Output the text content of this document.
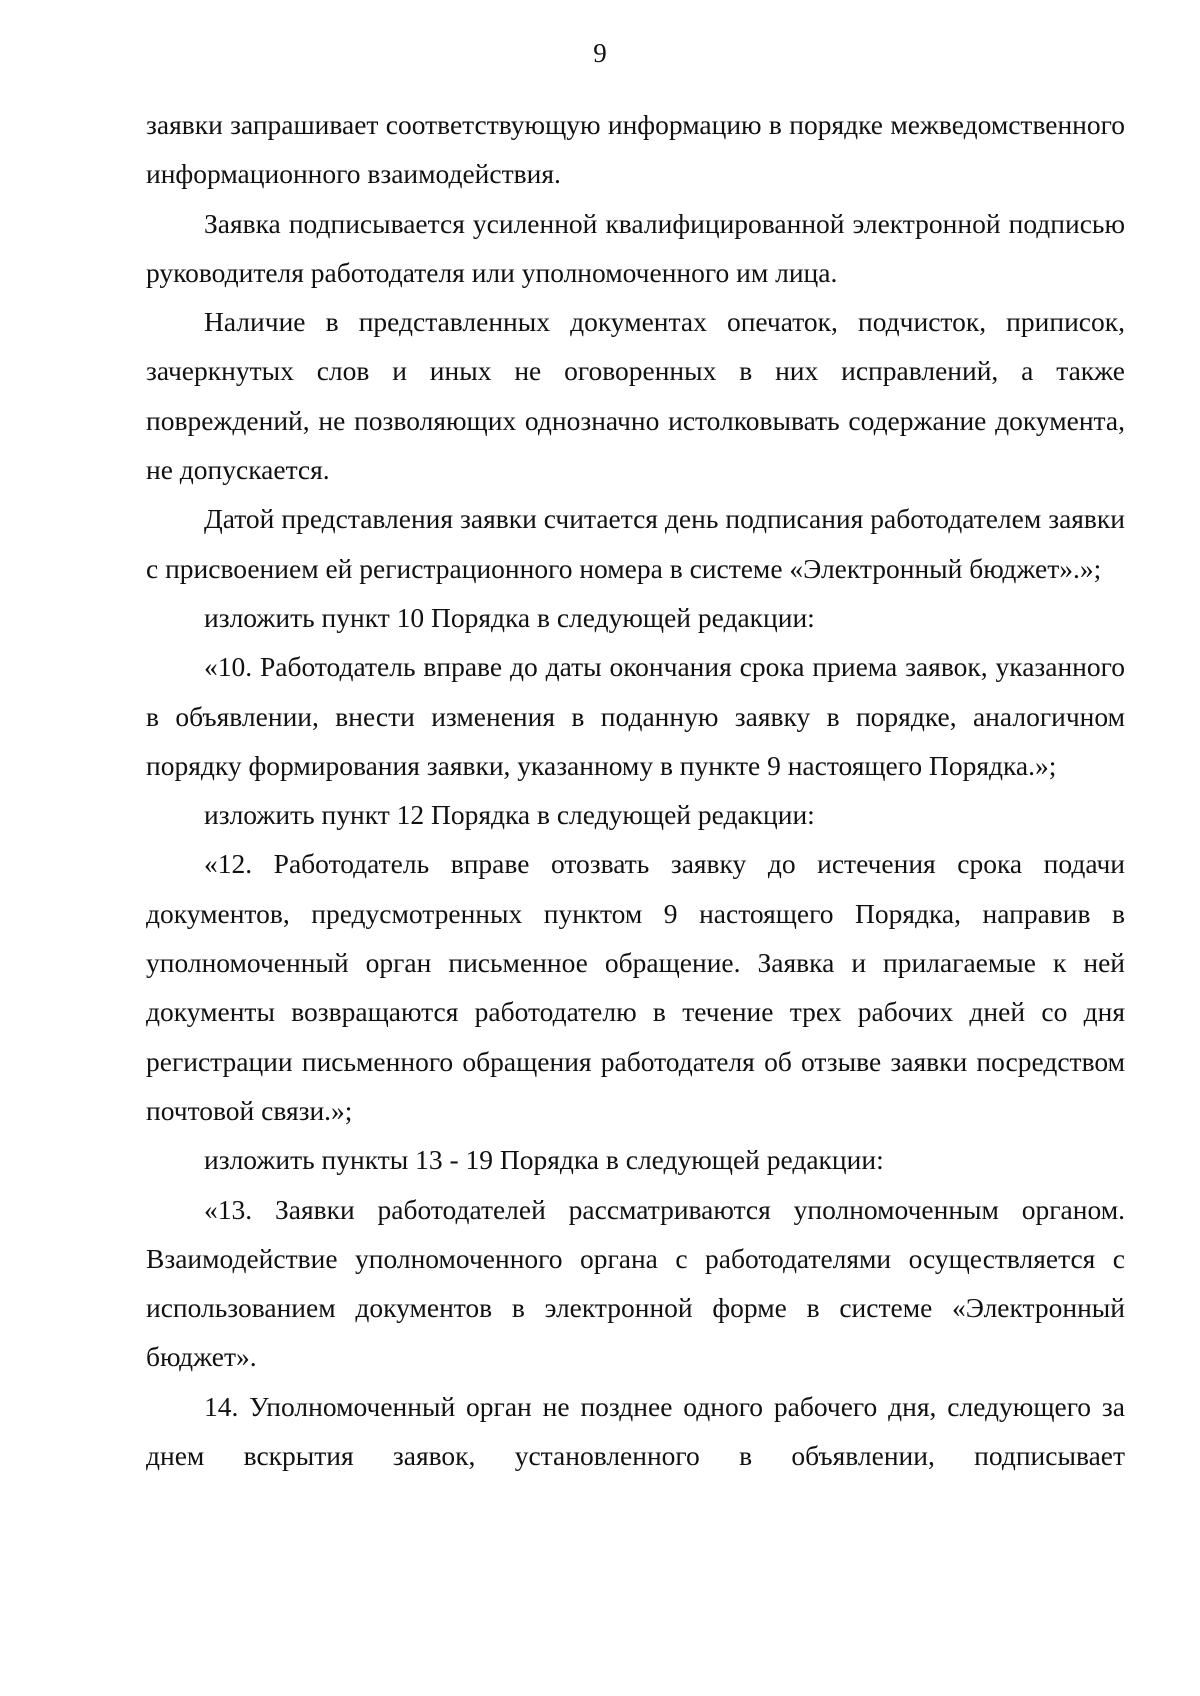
9

заявки запрашивает соответствующую информацию в порядке межведомственного информационного взаимодействия.

Заявка подписывается усиленной квалифицированной электронной подписью руководителя работодателя или уполномоченного им лица.

Наличие в представленных документах опечаток, подчисток, приписок, зачеркнутых слов и иных не оговоренных в них исправлений, а также повреждений, не позволяющих однозначно истолковывать содержание документа, не допускается.

Датой представления заявки считается день подписания работодателем заявки с присвоением ей регистрационного номера в системе «Электронный бюджет».»;

изложить пункт 10 Порядка в следующей редакции:

«10. Работодатель вправе до даты окончания срока приема заявок, указанного в объявлении, внести изменения в поданную заявку в порядке, аналогичном порядку формирования заявки, указанному в пункте 9 настоящего Порядка.»;

изложить пункт 12 Порядка в следующей редакции:

«12. Работодатель вправе отозвать заявку до истечения срока подачи документов, предусмотренных пунктом 9 настоящего Порядка, направив в уполномоченный орган письменное обращение. Заявка и прилагаемые к ней документы возвращаются работодателю в течение трех рабочих дней со дня регистрации письменного обращения работодателя об отзыве заявки посредством почтовой связи.»;

изложить пункты 13 - 19 Порядка в следующей редакции:

«13. Заявки работодателей рассматриваются уполномоченным органом. Взаимодействие уполномоченного органа с работодателями осуществляется с использованием документов в электронной форме в системе «Электронный бюджет».

14. Уполномоченный орган не позднее одного рабочего дня, следующего за днем вскрытия заявок, установленного в объявлении, подписывает
